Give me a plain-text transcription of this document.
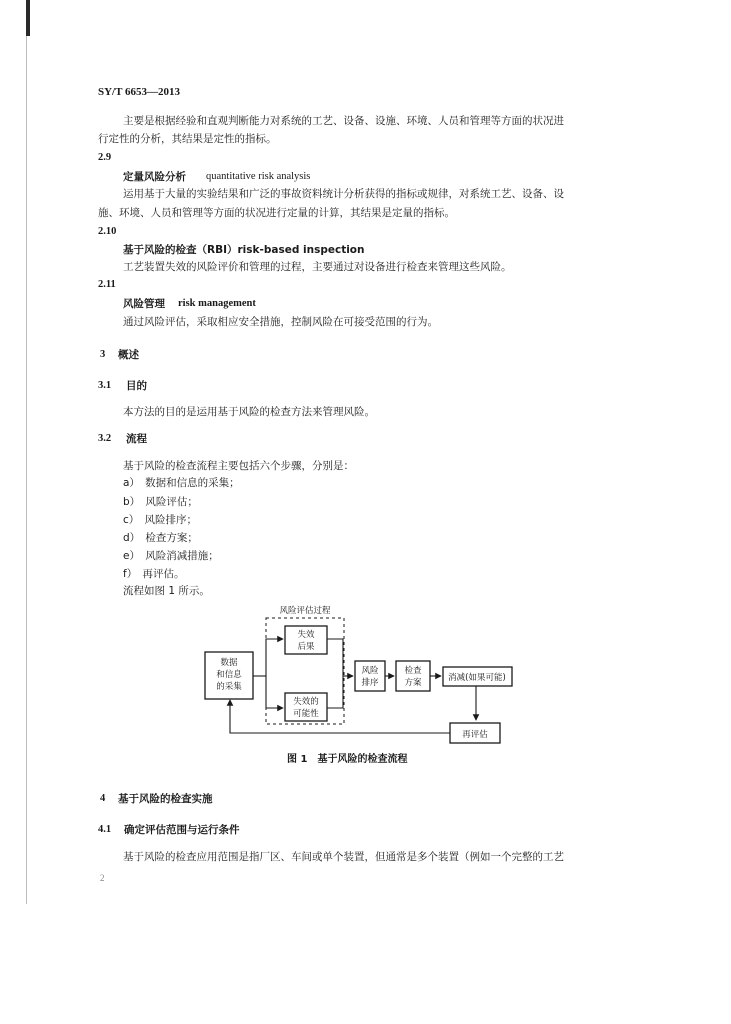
SY/T 6653—2013
主要是根据经验和直观判断能力对系统的工艺、设备、设施、环境、人员和管理等方面的状况进
行定性的分析，其结果是定性的指标。
2.9
定量风险分析 quantitative risk analysis
运用基于大量的实验结果和广泛的事故资料统计分析获得的指标或规律，对系统工艺、设备、设
施、环境、人员和管理等方面的状况进行定量的计算，其结果是定量的指标。
2.10
基于风险的检查（RBI）risk-based inspection
工艺装置失效的风险评价和管理的过程，主要通过对设备进行检查来管理这些风险。
2.11
风险管理 risk management
通过风险评估，采取相应安全措施，控制风险在可接受范围的行为。
3 概述
3.1 目的
本方法的目的是运用基于风险的检查方法来管理风险。
3.2 流程
基于风险的检查流程主要包括六个步骤，分别是：
a）　数据和信息的采集；
b）　风险评估；
c）　风险排序；
d）　检查方案；
e）　风险消减措施；
f）　再评估。
流程如图 1 所示。
风险评估过程
数据
和信息
的采集
失效
后果
失效的
可能性
风险
排序
检查
方案	消减(如果可能)
再评估
图 1　基于风险的检查流程
4 基于风险的检查实施
4.1 确定评估范围与运行条件
基于风险的检查应用范围是指厂区、车间或单个装置，但通常是多个装置（例如一个完整的工艺
2
